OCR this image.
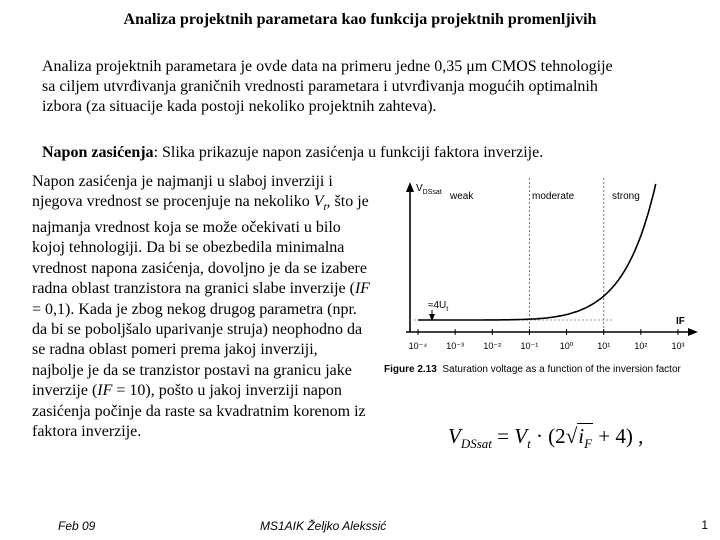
Analiza projektnih parametara kao funkcija projektnih promenljivih
Analiza projektnih parametara je ovde data na primeru jedne 0,35 μm CMOS tehnologije
sa ciljem utvrđivanja graničnih vrednosti parametara i utvrđivanja mogućih optimalnih
izbora (za situacije kada postoji nekoliko projektnih zahteva).
Napon zasićenja: Slika prikazuje napon zasićenja u funkciji faktora inverzije.
Napon zasićenja je najmanji u slaboj inverziji i njegova vrednost se procenjuje na nekoliko $V_t$, što je najmanja vrednost koja se može očekivati u bilo kojoj tehnologiji. Da bi se obezbedila minimalna vrednost napona zasićenja, dovoljno je da se izabere radna oblast tranzistora na granici slabe inverzije (IF = 0,1). Kada je zbog nekog drugog parametra (npr. da bi se poboljšalo uparivanje struja) neophodno da se radna oblast pomeri prema jakoj inverziji, najbolje je da se tranzistor postavi na granicu jake inverzije (IF = 10), pošto u jakoj inverziji napon zasićenja počinje da raste sa kvadratnim korenom iz faktora inverzije.
$V_{DSsat}$ weak	moderate	strong
$\approx 4U_t$
IF
10⁻⁴ 10⁻³ 10⁻² 10⁻¹ 10⁰	10¹	10²	10³
Figure 2.13 Saturation voltage as a function of the inversion factor
$V_{DSsat} = V_t \cdot (2√i_F + 4)$ ,
Feb 09	MS1AIK Željko Alekssić	1
